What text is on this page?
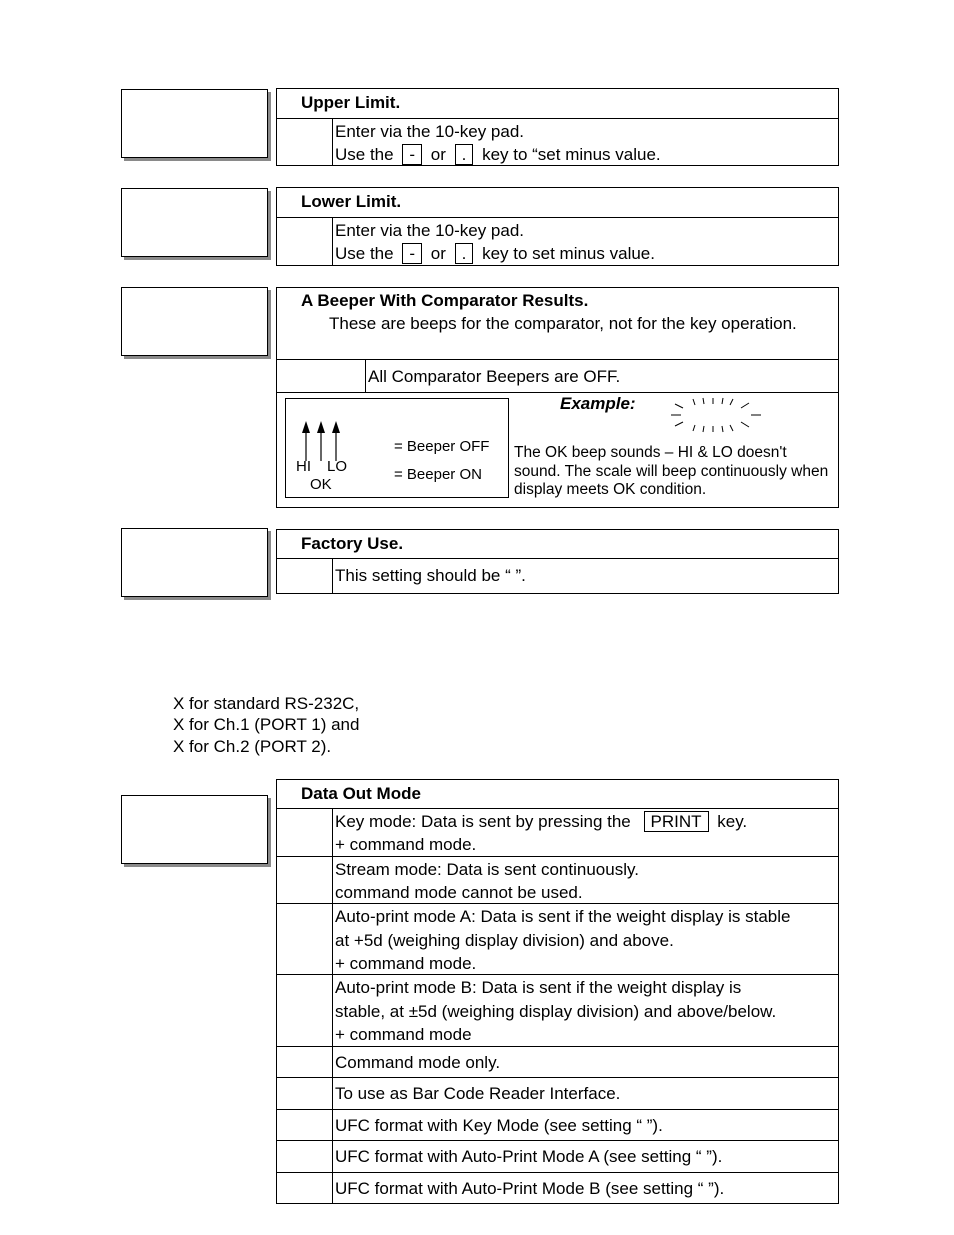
Upper Limit.
Enter via the 10-key pad.
Use the - or . key to “set minus value.
Lower Limit.
Enter via the 10-key pad.
Use the - or . key to set minus value.
A Beeper With Comparator Results.
These are beeps for the comparator, not for the key operation.
All Comparator Beepers are OFF.
HI LO
OK
= Beeper OFF
= Beeper ON
Example:
The OK beep sounds – HI & LO doesn't sound. The scale will beep continuously when display meets OK condition.
Factory Use.
This setting should be “ ”.
X for standard RS-232C,
X for Ch.1 (PORT 1) and
X for Ch.2 (PORT 2).
Data Out Mode
Key mode: Data is sent by pressing the PRINT key.
+ command mode.
Stream mode: Data is sent continuously.
command mode cannot be used.
Auto-print mode A: Data is sent if the weight display is stable
at +5d (weighing display division) and above.
+ command mode.
Auto-print mode B: Data is sent if the weight display is
stable, at ±5d (weighing display division) and above/below.
+ command mode
Command mode only.
To use as Bar Code Reader Interface.
UFC format with Key Mode (see setting “ ”).
UFC format with Auto-Print Mode A (see setting “ ”).
UFC format with Auto-Print Mode B (see setting “ ”).
